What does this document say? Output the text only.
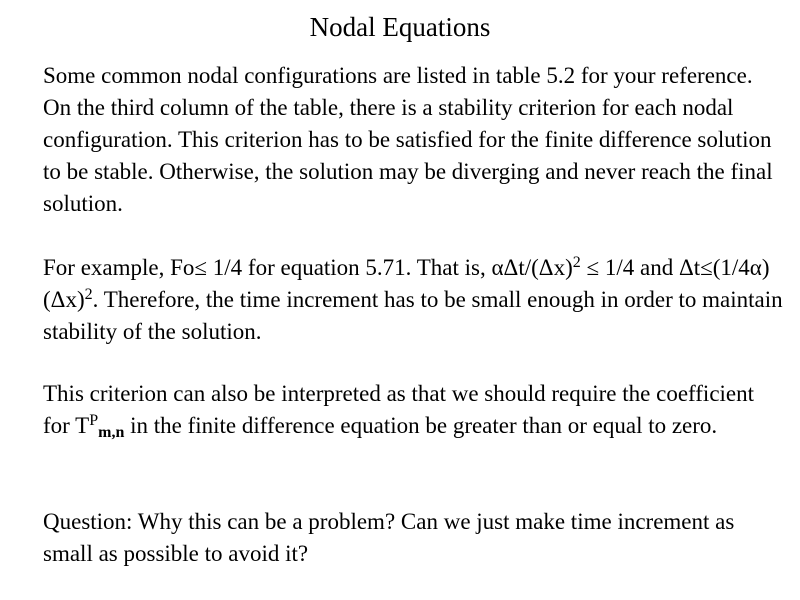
Nodal Equations

Some common nodal configurations are listed in table 5.2 for your reference. On the third column of the table, there is a stability criterion for each nodal configuration. This criterion has to be satisfied for the finite difference solution to be stable. Otherwise, the solution may be diverging and never reach the final solution.

For example, Fo≤ 1/4 for equation 5.71. That is, αΔt/$(\Delta x)^2 \le 1/4$ and $\Delta t\le(1/4\alpha)(\Delta x)^2$. Therefore, the time increment has to be small enough in order to maintain stability of the solution.

This criterion can also be interpreted as that we should require the coefficient for $T^P_{m,n}$ in the finite difference equation be greater than or equal to zero.

Question: Why this can be a problem? Can we just make time increment as small as possible to avoid it?
